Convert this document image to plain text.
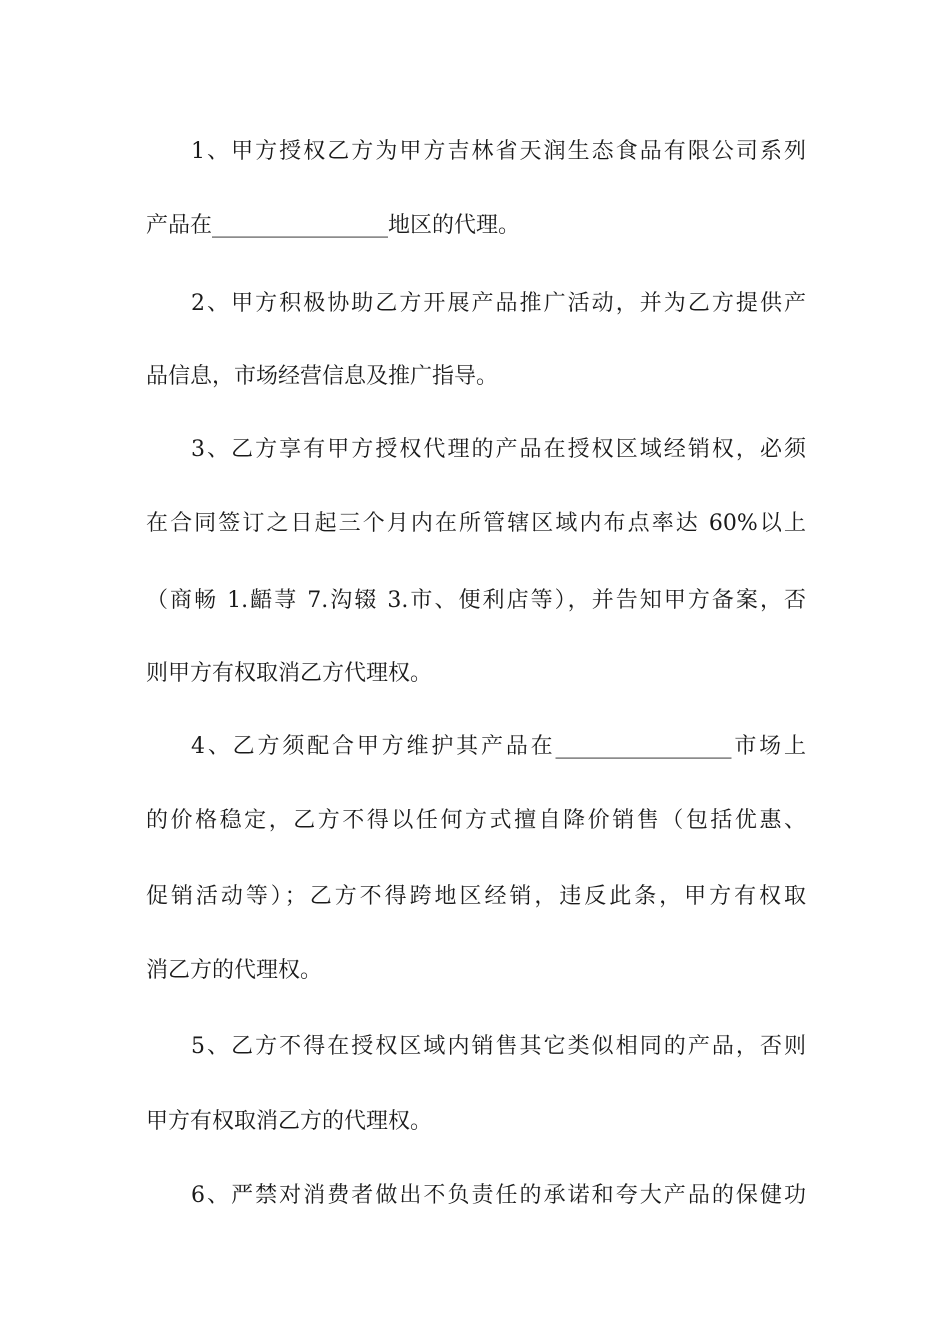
1、甲方授权乙方为甲方吉林省天润生态食品有限公司系列
产品在________________地区的代理。
2、甲方积极协助乙方开展产品推广活动，并为乙方提供产
品信息，市场经营信息及推广指导。
3、乙方享有甲方授权代理的产品在授权区域经销权，必须
在合同签订之日起三个月内在所管辖区域内布点率达 60%以上
（商畅 1.齬荨 7.沟辍 3.市、便利店等），并告知甲方备案，否
则甲方有权取消乙方代理权。
4、乙方须配合甲方维护其产品在________________市场上
的价格稳定，乙方不得以任何方式擅自降价销售（包括优惠、
促销活动等）；乙方不得跨地区经销，违反此条，甲方有权取
消乙方的代理权。
5、乙方不得在授权区域内销售其它类似相同的产品，否则
甲方有权取消乙方的代理权。
6、严禁对消费者做出不负责任的承诺和夸大产品的保健功
